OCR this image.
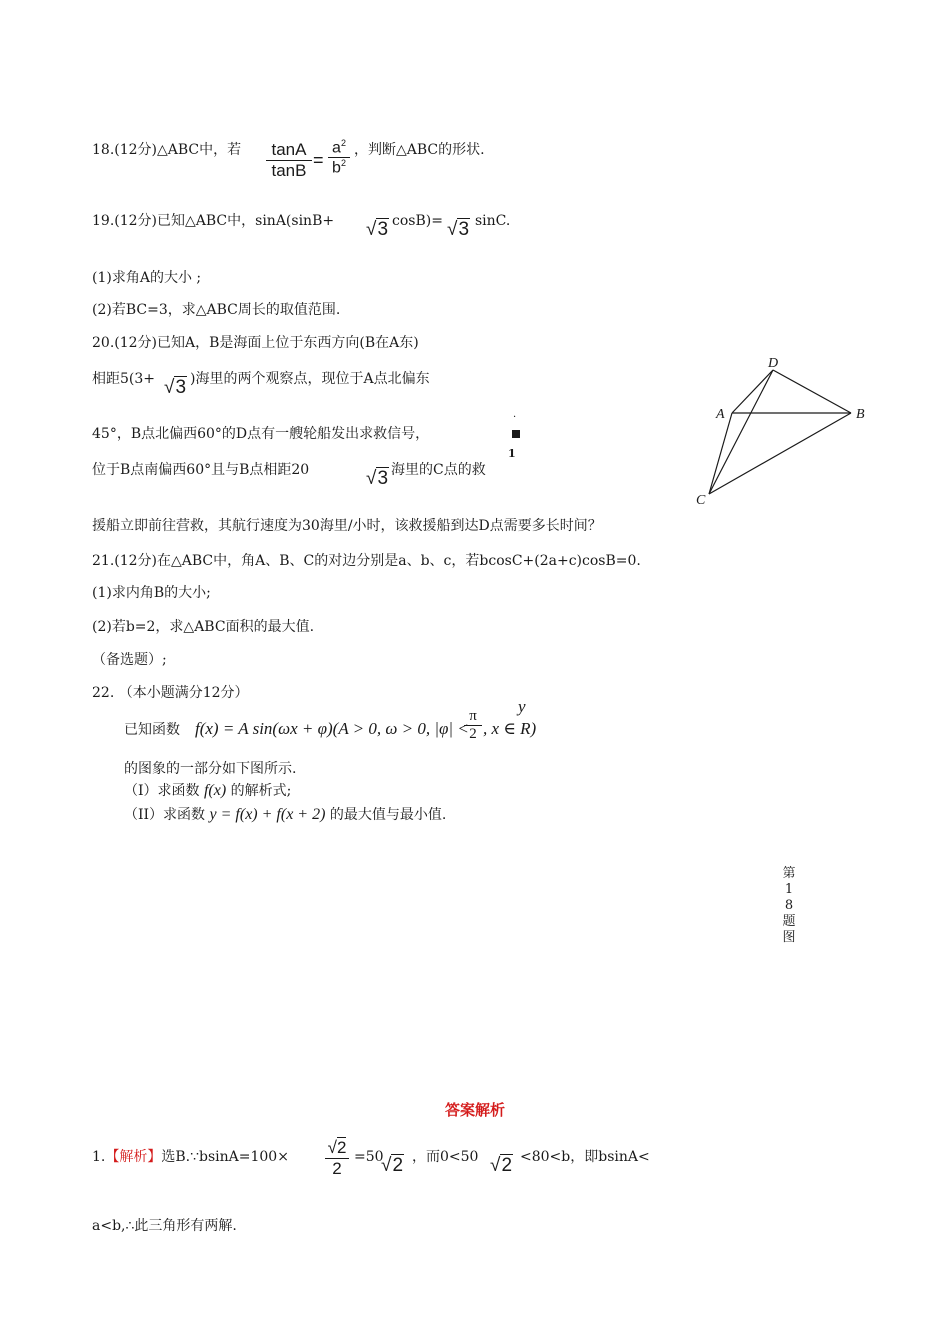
18.(12分)△ABC中，若	tanA
tanB
=
$a^2$
$b^2$
，判断△ABC的形状.
19.(12分)已知△ABC中，sinA(sinB+ √3 cosB)= √3 sinC.
(1)求角A的大小 ;
(2)若BC=3，求△ABC周长的取值范围.
20.(12分)已知A，B是海面上位于东西方向(B在A东)
相距5(3+ √3 )海里的两个观察点，现位于A点北偏东
45°，B点北偏西60°的D点有一艘轮船发出求救信号，
·
1
位于B点南偏西60°且与B点相距20	√3 海里的C点的救
援船立即前往营救，其航行速度为30海里/小时，该救援船到达D点需要多长时间？
D
A	B
C
21.(12分)在△ABC中，角A、B、C的对边分别是a、b、c，若bcosC+(2a+c)cosB=0.
(1)求内角B的大小;
(2)若b=2，求△ABC面积的最大值.
（备选题）;
22. （本小题满分12分）
y
已知函数 f(x) = A sin(ωx + φ)(A > 0, ω > 0, |φ| <
π
2 , x ∈ R)
的图象的一部分如下图所示.
（I）求函数 f(x) 的解析式;
（II）求函数 y = f(x) + f(x + 2) 的最大值与最小值.
第
1
8
题
图
答案解析
1.【解析】选B.∵bsinA=100× √2
2
=50
√2 ，而0<50 √2 <80<b，即bsinA<
a<b,∴此三角形有两解.
